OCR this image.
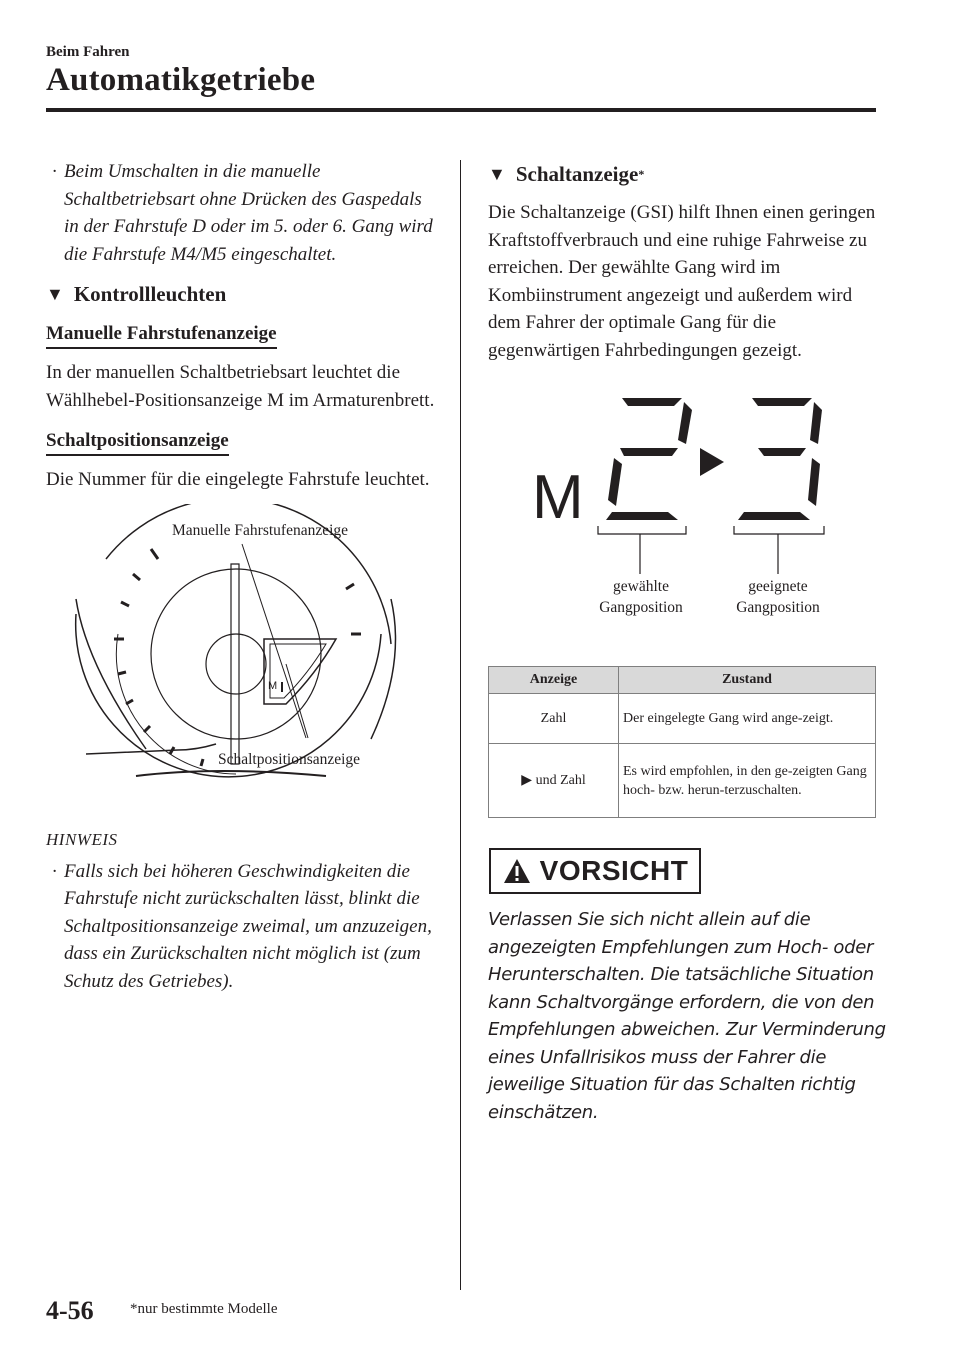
Beim Fahren
Automatikgetriebe
· Beim Umschalten in die manuelle Schaltbetriebsart ohne Drücken des Gaspedals in der Fahrstufe D oder im 5. oder 6. Gang wird die Fahrstufe M4/M5 eingeschaltet.
▼ Kontrollleuchten
Manuelle Fahrstufenanzeige
In der manuellen Schaltbetriebsart leuchtet die Wählhebel-Positionsanzeige M im Armaturenbrett.
Schaltpositionsanzeige
Die Nummer für die eingelegte Fahrstufe leuchtet.
M
Manuelle Fahrstufenanzeige
Schaltpositionsanzeige
HINWEIS
· Falls sich bei höheren Geschwindigkeiten die Fahrstufe nicht zurückschalten lässt, blinkt die Schaltpositionsanzeige zweimal, um anzuzeigen, dass ein Zurückschalten nicht möglich ist (zum Schutz des Getriebes).
▼ Schaltanzeige *
Die Schaltanzeige (GSI) hilft Ihnen einen geringen Kraftstoffverbrauch und eine ruhige Fahrweise zu erreichen. Der gewählte Gang wird im Kombiinstrument angezeigt und außerdem wird dem Fahrer der optimale Gang für die gegenwärtigen Fahrbedingungen gezeigt.
M
gewählte
Gangposition
geeignete
Gangposition
Anzeige	Zustand
Zahl	Der eingelegte Gang wird ange-zeigt.
▶ und Zahl	Es wird empfohlen, in den ge-zeigten Gang hoch- bzw. herun-terzuschalten.
VORSICHT
Verlassen Sie sich nicht allein auf die angezeigten Empfehlungen zum Hoch- oder Herunterschalten. Die tatsächliche Situation kann Schaltvorgänge erfordern, die von den Empfehlungen abweichen. Zur Verminderung eines Unfallrisikos muss der Fahrer die jeweilige Situation für das Schalten richtig einschätzen.
4-56 *nur bestimmte Modelle
